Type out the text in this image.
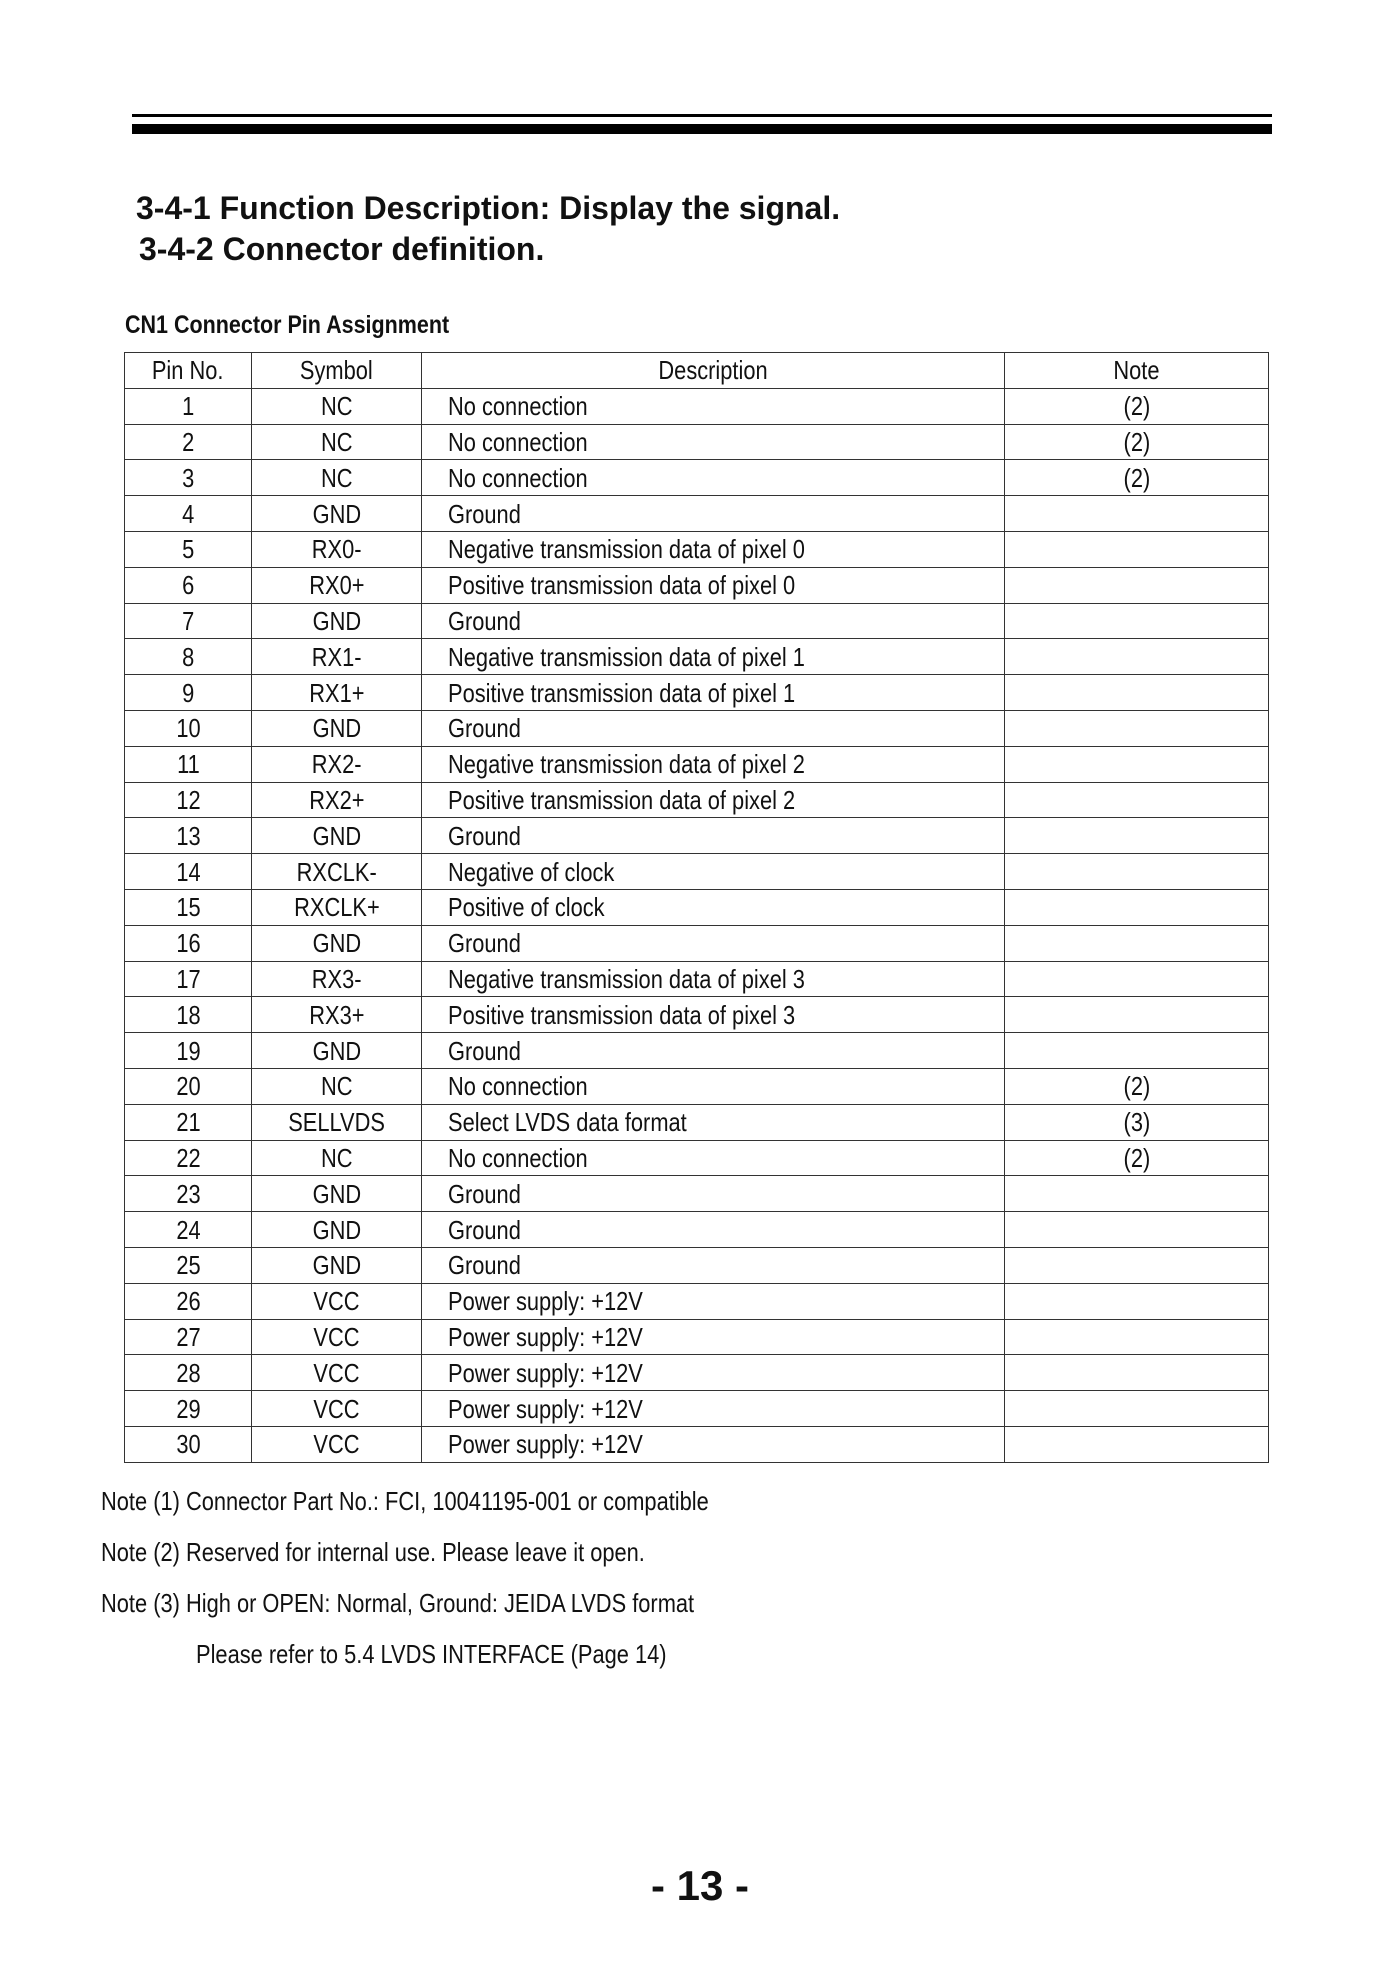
3-4-1 Function Description: Display the signal.
3-4-2 Connector definition.
CN1 Connector Pin Assignment
Pin No.	Symbol	Description	Note
1	NC	No connection	(2)
2	NC	No connection	(2)
3	NC	No connection	(2)
4	GND	Ground	
5	RX0-	Negative transmission data of pixel 0	
6	RX0+	Positive transmission data of pixel 0	
7	GND	Ground	
8	RX1-	Negative transmission data of pixel 1	
9	RX1+	Positive transmission data of pixel 1	
10	GND	Ground	
11	RX2-	Negative transmission data of pixel 2	
12	RX2+	Positive transmission data of pixel 2	
13	GND	Ground	
14	RXCLK-	Negative of clock	
15	RXCLK+	Positive of clock	
16	GND	Ground	
17	RX3-	Negative transmission data of pixel 3	
18	RX3+	Positive transmission data of pixel 3	
19	GND	Ground	
20	NC	No connection	(2)
21	SELLVDS	Select LVDS data format	(3)
22	NC	No connection	(2)
23	GND	Ground	
24	GND	Ground	
25	GND	Ground	
26	VCC	Power supply: +12V	
27	VCC	Power supply: +12V	
28	VCC	Power supply: +12V	
29	VCC	Power supply: +12V	
30	VCC	Power supply: +12V	
Note (1) Connector Part No.: FCI, 10041195-001 or compatible
Note (2) Reserved for internal use. Please leave it open.
Note (3) High or OPEN: Normal, Ground: JEIDA LVDS format
Please refer to 5.4 LVDS INTERFACE (Page 14)
- 13 -
